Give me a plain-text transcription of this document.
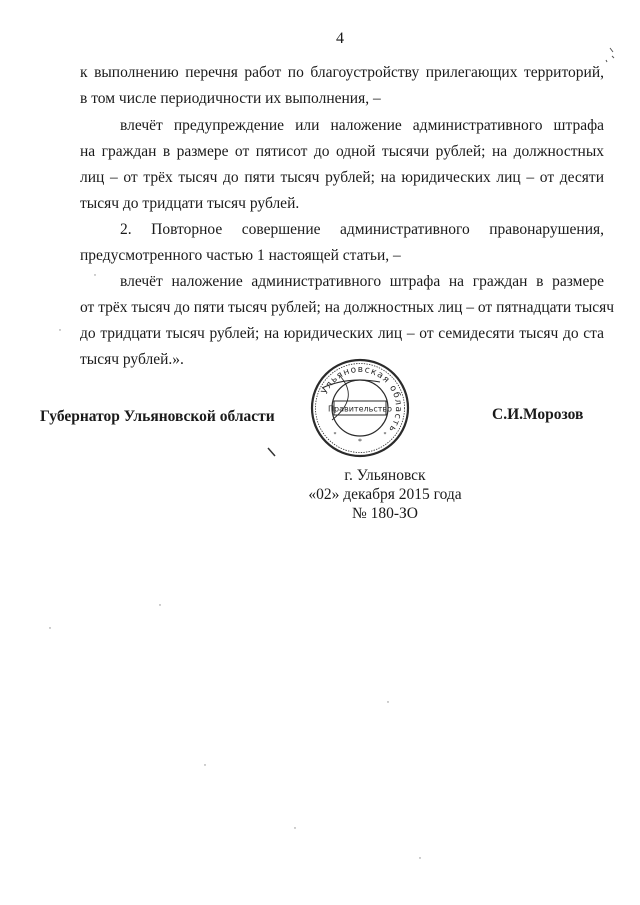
4
к выполнению перечня работ по благоустройству прилегающих территорий,
в том числе периодичности их выполнения, –
влечёт предупреждение или наложение административного штрафа
на граждан в размере от пятисот до одной тысячи рублей; на должностных
лиц – от трёх тысяч до пяти тысяч рублей; на юридических лиц – от десяти
тысяч до тридцати тысяч рублей.
2. Повторное совершение административного правонарушения,
предусмотренного частью 1 настоящей статьи, –
влечёт наложение административного штрафа на граждан в размере
от трёх тысяч до пяти тысяч рублей; на должностных лиц – от пятнадцати тысяч
до тридцати тысяч рублей; на юридических лиц – от семидесяти тысяч до ста
тысяч рублей.».
Губернатор Ульяновской области	С.И.Морозов
Ульяновская область
Правительство
*
*	*
г. Ульяновск
«02» декабря 2015 года
№ 180-ЗО
